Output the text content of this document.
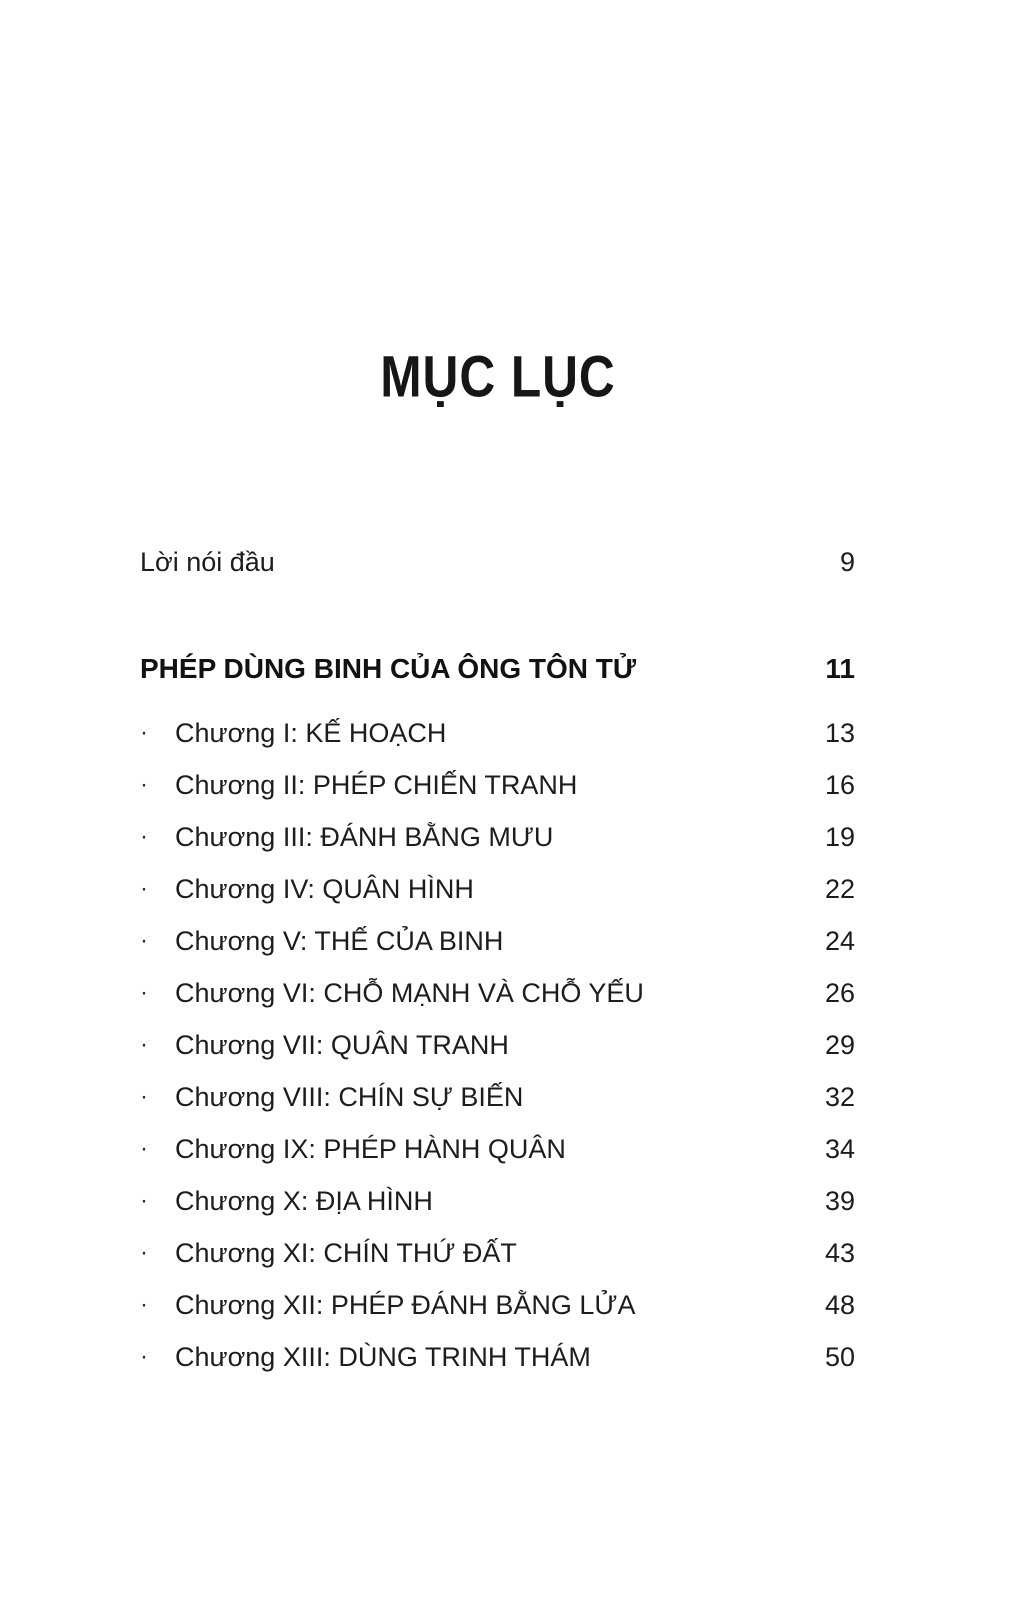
MỤC LỤC
Lời nói đầu	9
PHÉP DÙNG BINH CỦA ÔNG TÔN TỬ	11
·	Chương I: KẾ HOẠCH	13
·	Chương II: PHÉP CHIẾN TRANH	16
·	Chương III: ĐÁNH BẰNG MƯU	19
·	Chương IV: QUÂN HÌNH	22
·	Chương V: THẾ CỦA BINH	24
·	Chương VI: CHỖ MẠNH VÀ CHỖ YẾU	26
·	Chương VII: QUÂN TRANH	29
·	Chương VIII: CHÍN SỰ BIẾN	32
·	Chương IX: PHÉP HÀNH QUÂN	34
·	Chương X: ĐỊA HÌNH	39
·	Chương XI: CHÍN THỨ ĐẤT	43
·	Chương XII: PHÉP ĐÁNH BẰNG LỬA	48
·	Chương XIII: DÙNG TRINH THÁM	50
